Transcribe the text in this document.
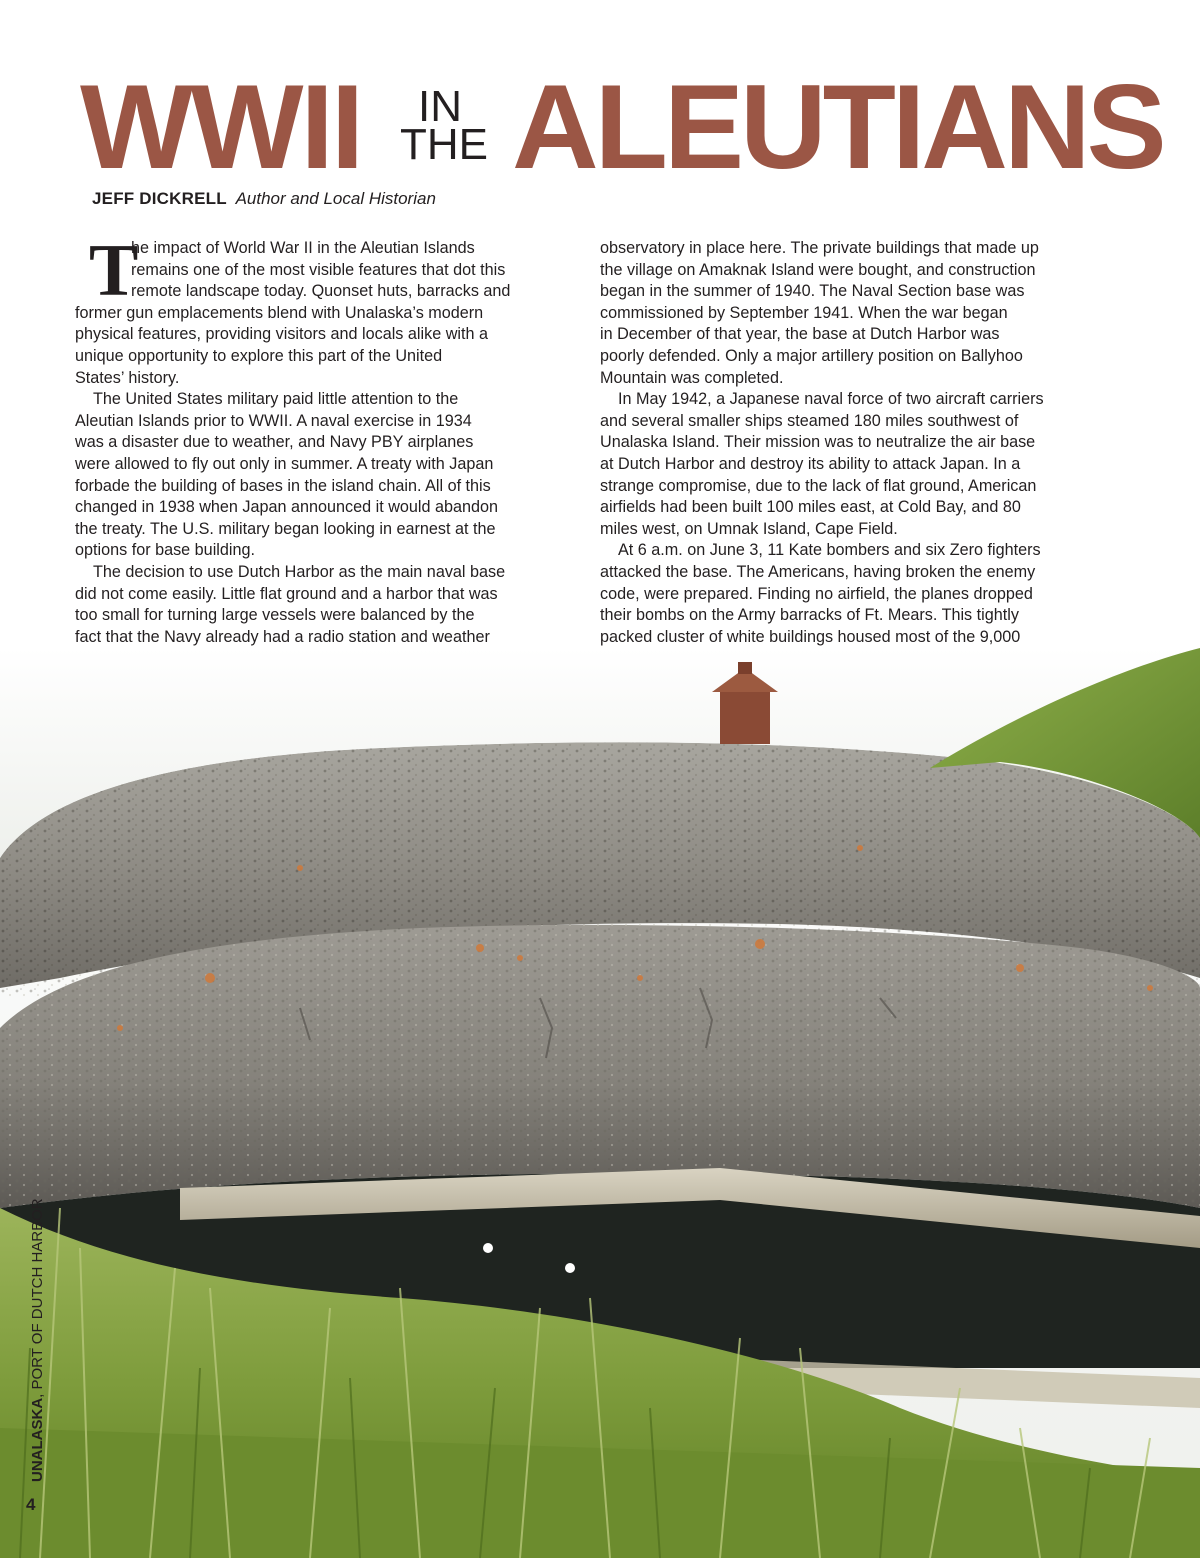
WWII IN
THE ALEUTIANS
JEFF DICKRELL Author and Local Historian
T
he impact of World War II in the Aleutian Islands
remains one of the most visible features that dot this
remote landscape today. Quonset huts, barracks and
former gun emplacements blend with Unalaska’s modern
physical features, providing visitors and locals alike with a
unique opportunity to explore this part of the United
States’ history.
The United States military paid little attention to the
Aleutian Islands prior to WWII. A naval exercise in 1934
was a disaster due to weather, and Navy PBY airplanes
were allowed to fly out only in summer. A treaty with Japan
forbade the building of bases in the island chain. All of this
changed in 1938 when Japan announced it would abandon
the treaty. The U.S. military began looking in earnest at the
options for base building.
The decision to use Dutch Harbor as the main naval base
did not come easily. Little flat ground and a harbor that was
too small for turning large vessels were balanced by the
fact that the Navy already had a radio station and weather
observatory in place here. The private buildings that made up
the village on Amaknak Island were bought, and construction
began in the summer of 1940. The Naval Section base was
commissioned by September 1941. When the war began
in December of that year, the base at Dutch Harbor was
poorly defended. Only a major artillery position on Ballyhoo
Mountain was completed.
In May 1942, a Japanese naval force of two aircraft carriers
and several smaller ships steamed 180 miles southwest of
Unalaska Island. Their mission was to neutralize the air base
at Dutch Harbor and destroy its ability to attack Japan. In a
strange compromise, due to the lack of flat ground, American
airfields had been built 100 miles east, at Cold Bay, and 80
miles west, on Umnak Island, Cape Field.
At 6 a.m. on June 3, 11 Kate bombers and six Zero fighters
attacked the base. The Americans, having broken the enemy
code, were prepared. Finding no airfield, the planes dropped
their bombs on the Army barracks of Ft. Mears. This tightly
packed cluster of white buildings housed most of the 9,000
UNALASKA, PORT OF DUTCH HARBOR
4
